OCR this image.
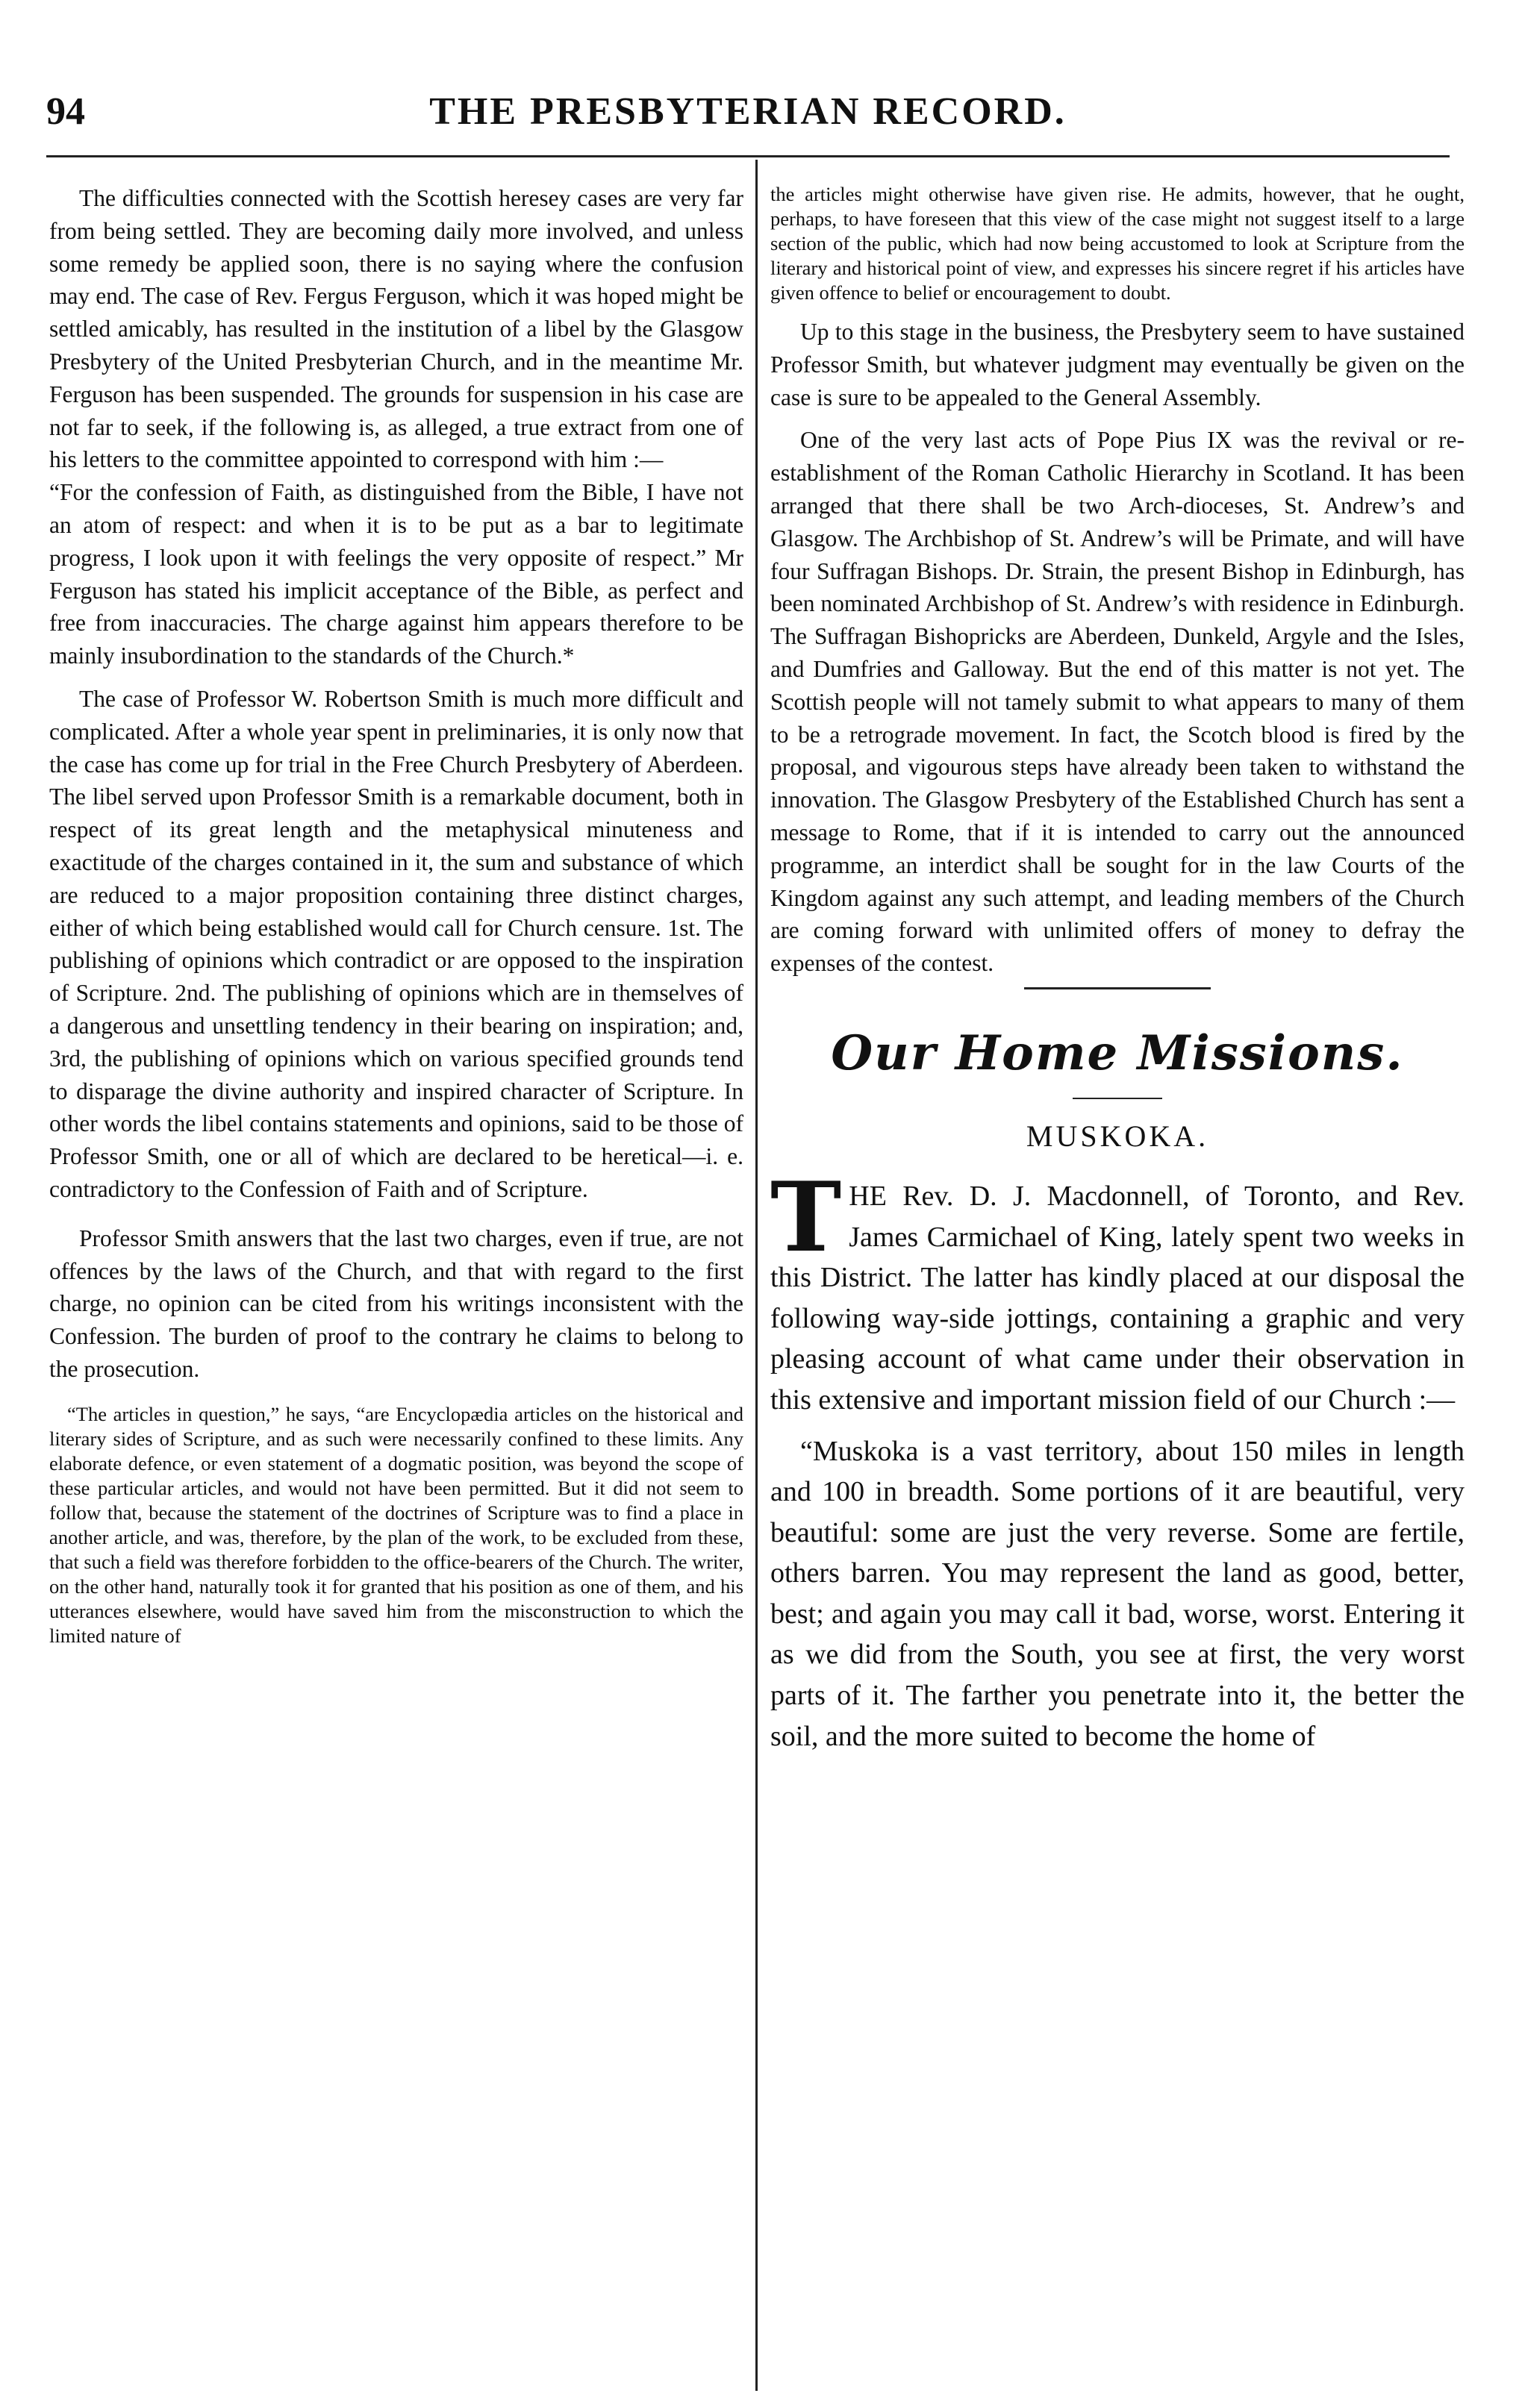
94	THE PRESBYTERIAN RECORD.

The difficulties connected with the Scottish heresey cases are very far from being settled. They are becoming daily more involved, and unless some remedy be applied soon, there is no saying where the confusion may end. The case of Rev. Fergus Ferguson, which it was hoped might be settled amicably, has resulted in the institution of a libel by the Glasgow Presbytery of the United Presbyterian Church, and in the meantime Mr. Ferguson has been suspended. The grounds for suspension in his case are not far to seek, if the following is, as alleged, a true extract from one of his letters to the committee appointed to correspond with him :—

“For the confession of Faith, as distinguished from the Bible, I have not an atom of respect: and when it is to be put as a bar to legitimate progress, I look upon it with feelings the very opposite of respect.” Mr Ferguson has stated his implicit acceptance of the Bible, as perfect and free from inaccuracies. The charge against him appears therefore to be mainly insubordination to the standards of the Church.*

The case of Professor W. Robertson Smith is much more difficult and complicated. After a whole year spent in preliminaries, it is only now that the case has come up for trial in the Free Church Presbytery of Aberdeen. The libel served upon Professor Smith is a remarkable document, both in respect of its great length and the metaphysical minuteness and exactitude of the charges contained in it, the sum and substance of which are reduced to a major proposition containing three distinct charges, either of which being established would call for Church censure. 1st. The publishing of opinions which contradict or are opposed to the inspiration of Scripture. 2nd. The publishing of opinions which are in themselves of a dangerous and unsettling tendency in their bearing on inspiration; and, 3rd, the publishing of opinions which on various specified grounds tend to disparage the divine authority and inspired character of Scripture. In other words the libel contains statements and opinions, said to be those of Professor Smith, one or all of which are declared to be heretical—i. e. contradictory to the Confession of Faith and of Scripture.

Professor Smith answers that the last two charges, even if true, are not offences by the laws of the Church, and that with regard to the first charge, no opinion can be cited from his writings inconsistent with the Confession. The burden of proof to the contrary he claims to belong to the prosecution.

“The articles in question,” he says, “are Encyclopædia articles on the historical and literary sides of Scripture, and as such were necessarily confined to these limits. Any elaborate defence, or even statement of a dogmatic position, was beyond the scope of these particular articles, and would not have been permitted. But it did not seem to follow that, because the statement of the doctrines of Scripture was to find a place in another article, and was, therefore, by the plan of the work, to be excluded from these, that such a field was therefore forbidden to the office-bearers of the Church. The writer, on the other hand, naturally took it for granted that his position as one of them, and his utterances elsewhere, would have saved him from the misconstruction to which the limited nature of

the articles might otherwise have given rise. He admits, however, that he ought, perhaps, to have foreseen that this view of the case might not suggest itself to a large section of the public, which had now being accustomed to look at Scripture from the literary and historical point of view, and expresses his sincere regret if his articles have given offence to belief or encouragement to doubt.

Up to this stage in the business, the Presbytery seem to have sustained Professor Smith, but whatever judgment may eventually be given on the case is sure to be appealed to the General Assembly.

One of the very last acts of Pope Pius IX was the revival or re-establishment of the Roman Catholic Hierarchy in Scotland. It has been arranged that there shall be two Arch-dioceses, St. Andrew’s and Glasgow. The Archbishop of St. Andrew’s will be Primate, and will have four Suffragan Bishops. Dr. Strain, the present Bishop in Edinburgh, has been nominated Archbishop of St. Andrew’s with residence in Edinburgh. The Suffragan Bishopricks are Aberdeen, Dunkeld, Argyle and the Isles, and Dumfries and Galloway. But the end of this matter is not yet. The Scottish people will not tamely submit to what appears to many of them to be a retrograde movement. In fact, the Scotch blood is fired by the proposal, and vigourous steps have already been taken to withstand the innovation. The Glasgow Presbytery of the Established Church has sent a message to Rome, that if it is intended to carry out the announced programme, an interdict shall be sought for in the law Courts of the Kingdom against any such attempt, and leading members of the Church are coming forward with unlimited offers of money to defray the expenses of the contest.

Our Home Missions.
MUSKOKA.
T HE Rev. D. J. Macdonnell, of Toronto, and Rev. James Carmichael of King, lately spent two weeks in this District. The latter has kindly placed at our disposal the following way-side jottings, containing a graphic and very pleasing account of what came under their observation in this extensive and important mission field of our Church :—

“Muskoka is a vast territory, about 150 miles in length and 100 in breadth. Some portions of it are beautiful, very beautiful: some are just the very reverse. Some are fertile, others barren. You may represent the land as good, better, best; and again you may call it bad, worse, worst. Entering it as we did from the South, you see at first, the very worst parts of it. The farther you penetrate into it, the better the soil, and the more suited to become the home of
